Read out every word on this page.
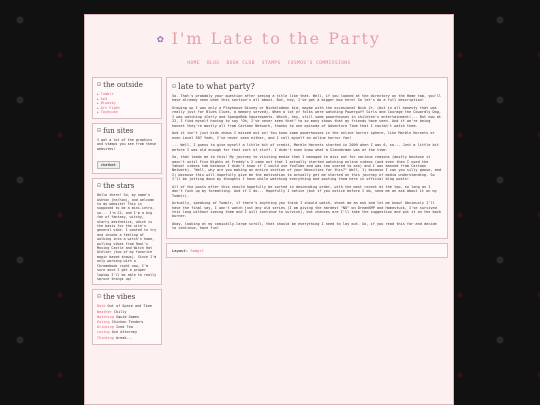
✿ I'm Late to the Party
HOME BLOG BOOK CLUB STAMPS COSMOS'S COMMISSIONS
ᘏ the outside
► Tumblr
► Ao3
► Bluesky
► Art Fight
► Toyhouse
ᘏ fun sites
I got a lot of the graphics and stamps you see from these websites!
chatbot
ᘏ the stars
Hello there! So, my name's Ashton (he/him), and welcome to my website! This is supposed to be a mini-intro, so... I'm 22, and I'm a big fan of fantasy, witchy, starry aesthetics, which is the basis for the site's general vibe. I wanted to try and invoke a feeling of walking into a witch's home, pulling vibes from Howl's Moving Castle and Witch Hat Atelier (two of my favorite magic based shows). Since I'm only working with a Chromebook right now, I'm sure once I get a proper laptop I'll be able to really spruce things up!
ᘏ the vibes
Date Out of Space and Time
Weather Chilly
Watching Squid Games
Eating Chicken Tenders
Drinking Iced Tea
Loving Ace Attorney
Thinking break...
ᘏ late to what party?

So. That's probably your question after seeing a title like that. Well, if you looked at the directory on the Home tab, you'll have already seen what this section's all about. But, hey, I've got a bigger box here! So let's do a full description!

Growing up I was only a Playhouse Disney or Nickelodeon kid, maybe with the occasional Nick Jr. (but in all honesty that was really just for Blues Clues, a memory served). When a lot of folks were watching Powerpuff Girls and Courage the Cowardly Dog, I was watching iCarly and SpongeBob Squarepants. Which, hey, still some powerhouses in children's entertainment!... But now at 22, I find myself having to say "Oh, I've never seen that" to so many shows that my friends have seen. And if we're being honest they're mostly all from Cartoon Network, thanks to one episode of Adventure Time that I couldn't watch them.

And it isn't just kids shows I missed out on! You know some powerhouses in the online horror sphere, like Marble Hornets or even Local 58? Yeah, I've never seen either, and I call myself an online horror fan!

... Well, I guess to give myself a little bit of credit, Marble Hornets started in 2009 when I was 6, so... Just a little bit before I was old enough for that sort of stuff. I didn't even know what a Slenderman was at the time.

So, that leads me to this! My journey to visiting media that I managed to miss out for various reasons (mostly because it wasn't until Five Nights at Freddy's 2 came out that I actually started watching online videos (and even then I used the Yahoo! videos tab because I didn't know if I could use YouTube and was too scared to ask) and I was banned from Cartoon Network). "Well, why are you making an entire section of your Neocities for this?" Well, 1) because I can you silly goose, and 2) because this will hopefully give me the motivation to actually get me started on this journey of media understanding. So I'll be jotting down my thoughts I have while watching everything and posting them here in official blog posts!

All of the posts after this should hopefully be sorted in descending order, with the most recent at the top, so long as I don't fuck up my formatting. And if I do... Hopefully I notice (but if you notice before I do, send me an ask about it on my Tumblr).

Actually, speaking of Tumblr, if there's anything you think I should watch, shoot me an ask and let me know! Obviously I'll have the final say, I won't watch just any old series (I am giving the hardest "NO" on DreamSMP and Homestuck, I've survived this long without seeing them and I will continue to survive), but chances are I'll take the suggestion and put it on the back burner.

Okay, looking at my comically-large scroll, that should be everything I need to lay out. So, if you read this far and decide to continue, have fun!

Layout: Sadgrl
